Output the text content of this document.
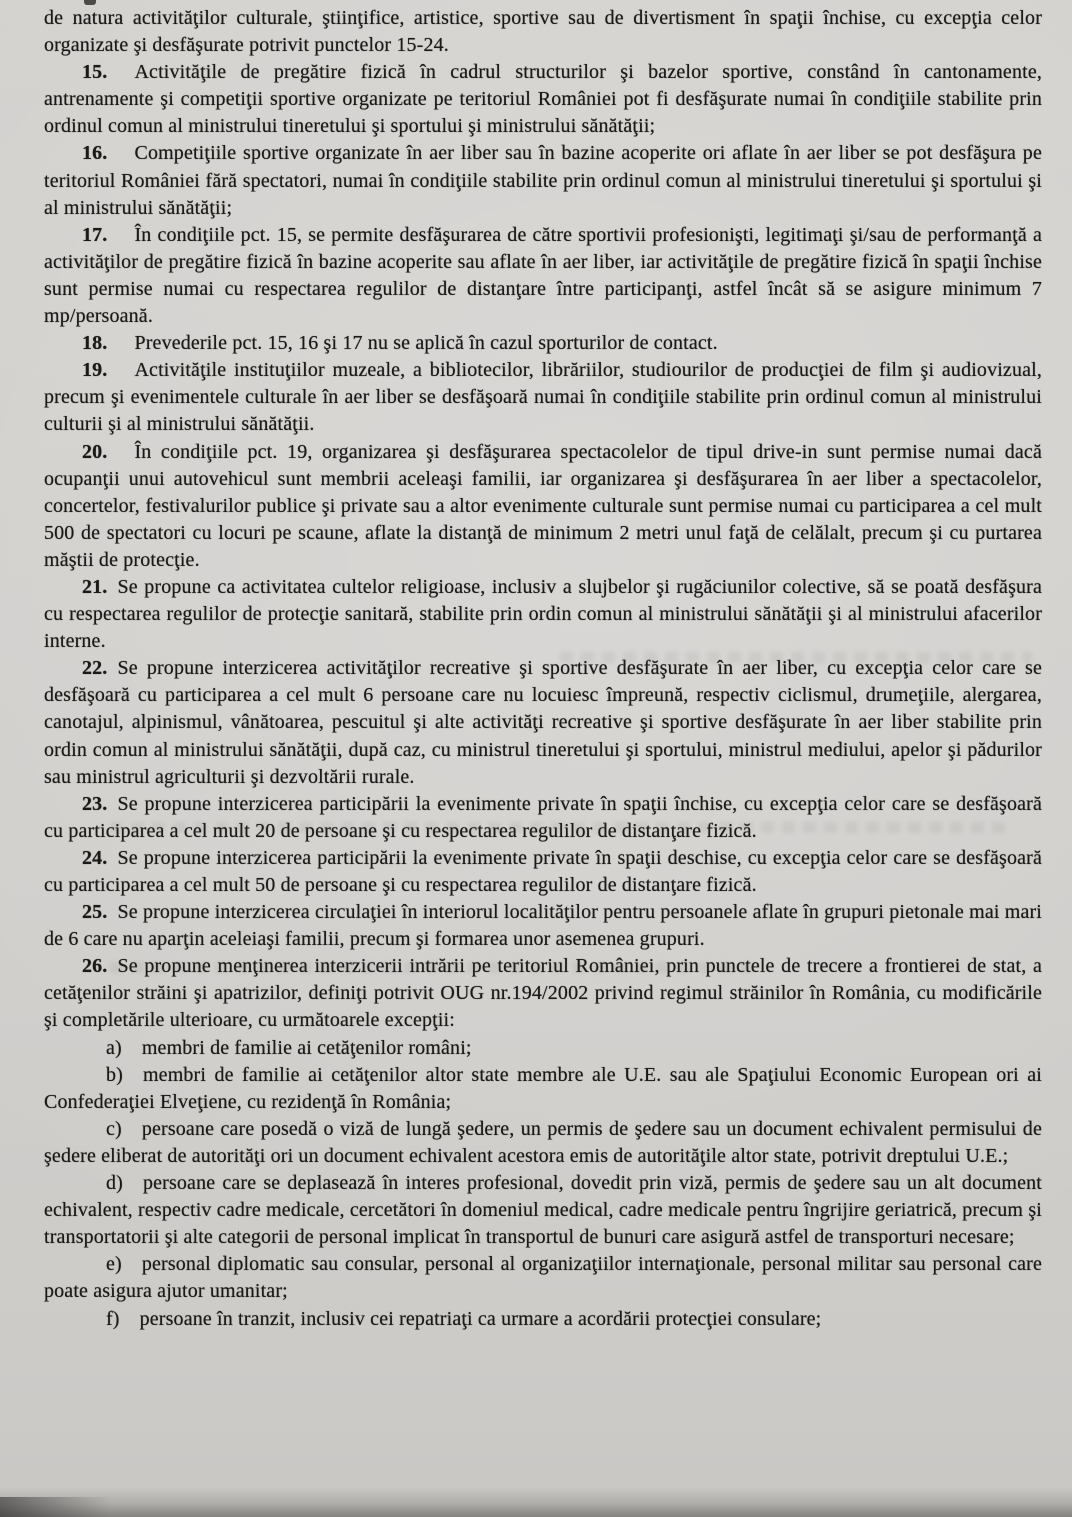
de natura activităţilor culturale, ştiinţifice, artistice, sportive sau de divertisment în spaţii închise, cu excepţia celor organizate şi desfăşurate potrivit punctelor 15-24.

15. Activităţile de pregătire fizică în cadrul structurilor şi bazelor sportive, constând în cantonamente, antrenamente şi competiţii sportive organizate pe teritoriul României pot fi desfăşurate numai în condiţiile stabilite prin ordinul comun al ministrului tineretului şi sportului şi ministrului sănătăţii;

16. Competiţiile sportive organizate în aer liber sau în bazine acoperite ori aflate în aer liber se pot desfăşura pe teritoriul României fără spectatori, numai în condiţiile stabilite prin ordinul comun al ministrului tineretului şi sportului şi al ministrului sănătăţii;

17. În condiţiile pct. 15, se permite desfăşurarea de către sportivii profesionişti, legitimaţi şi/sau de performanţă a activităţilor de pregătire fizică în bazine acoperite sau aflate în aer liber, iar activităţile de pregătire fizică în spaţii închise sunt permise numai cu respectarea regulilor de distanţare între participanţi, astfel încât să se asigure minimum 7 mp/persoană.

18. Prevederile pct. 15, 16 şi 17 nu se aplică în cazul sporturilor de contact.

19. Activităţile instituţiilor muzeale, a bibliotecilor, librăriilor, studiourilor de producţiei de film şi audiovizual, precum şi evenimentele culturale în aer liber se desfăşoară numai în condiţiile stabilite prin ordinul comun al ministrului culturii şi al ministrului sănătăţii.

20. În condiţiile pct. 19, organizarea şi desfăşurarea spectacolelor de tipul drive-in sunt permise numai dacă ocupanţii unui autovehicul sunt membrii aceleaşi familii, iar organizarea şi desfăşurarea în aer liber a spectacolelor, concertelor, festivalurilor publice şi private sau a altor evenimente culturale sunt permise numai cu participarea a cel mult 500 de spectatori cu locuri pe scaune, aflate la distanţă de minimum 2 metri unul faţă de celălalt, precum şi cu purtarea măştii de protecţie.

21. Se propune ca activitatea cultelor religioase, inclusiv a slujbelor şi rugăciunilor colective, să se poată desfăşura cu respectarea regulilor de protecţie sanitară, stabilite prin ordin comun al ministrului sănătăţii şi al ministrului afacerilor interne.

22. Se propune interzicerea activităţilor recreative şi sportive desfăşurate în aer liber, cu excepţia celor care se desfăşoară cu participarea a cel mult 6 persoane care nu locuiesc împreună, respectiv ciclismul, drumeţiile, alergarea, canotajul, alpinismul, vânătoarea, pescuitul şi alte activităţi recreative şi sportive desfăşurate în aer liber stabilite prin ordin comun al ministrului sănătăţii, după caz, cu ministrul tineretului şi sportului, ministrul mediului, apelor şi pădurilor sau ministrul agriculturii şi dezvoltării rurale.

23. Se propune interzicerea participării la evenimente private în spaţii închise, cu excepţia celor care se desfăşoară cu participarea a cel mult 20 de persoane şi cu respectarea regulilor de distanţare fizică.

24. Se propune interzicerea participării la evenimente private în spaţii deschise, cu excepţia celor care se desfăşoară cu participarea a cel mult 50 de persoane şi cu respectarea regulilor de distanţare fizică.

25. Se propune interzicerea circulaţiei în interiorul localităţilor pentru persoanele aflate în grupuri pietonale mai mari de 6 care nu aparţin aceleiaşi familii, precum şi formarea unor asemenea grupuri.

26. Se propune menţinerea interzicerii intrării pe teritoriul României, prin punctele de trecere a frontierei de stat, a cetăţenilor străini şi apatrizilor, definiţi potrivit OUG nr.194/2002 privind regimul străinilor în România, cu modificările şi completările ulterioare, cu următoarele excepţii:

a) membri de familie ai cetăţenilor români;

b) membri de familie ai cetăţenilor altor state membre ale U.E. sau ale Spaţiului Economic European ori ai Confederaţiei Elveţiene, cu rezidenţă în România;

c) persoane care posedă o viză de lungă şedere, un permis de şedere sau un document echivalent permisului de şedere eliberat de autorităţi ori un document echivalent acestora emis de autorităţile altor state, potrivit dreptului U.E.;

d) persoane care se deplasează în interes profesional, dovedit prin viză, permis de şedere sau un alt document echivalent, respectiv cadre medicale, cercetători în domeniul medical, cadre medicale pentru îngrijire geriatrică, precum şi transportatorii şi alte categorii de personal implicat în transportul de bunuri care asigură astfel de transporturi necesare;

e) personal diplomatic sau consular, personal al organizaţiilor internaţionale, personal militar sau personal care poate asigura ajutor umanitar;

f) persoane în tranzit, inclusiv cei repatriaţi ca urmare a acordării protecţiei consulare;
